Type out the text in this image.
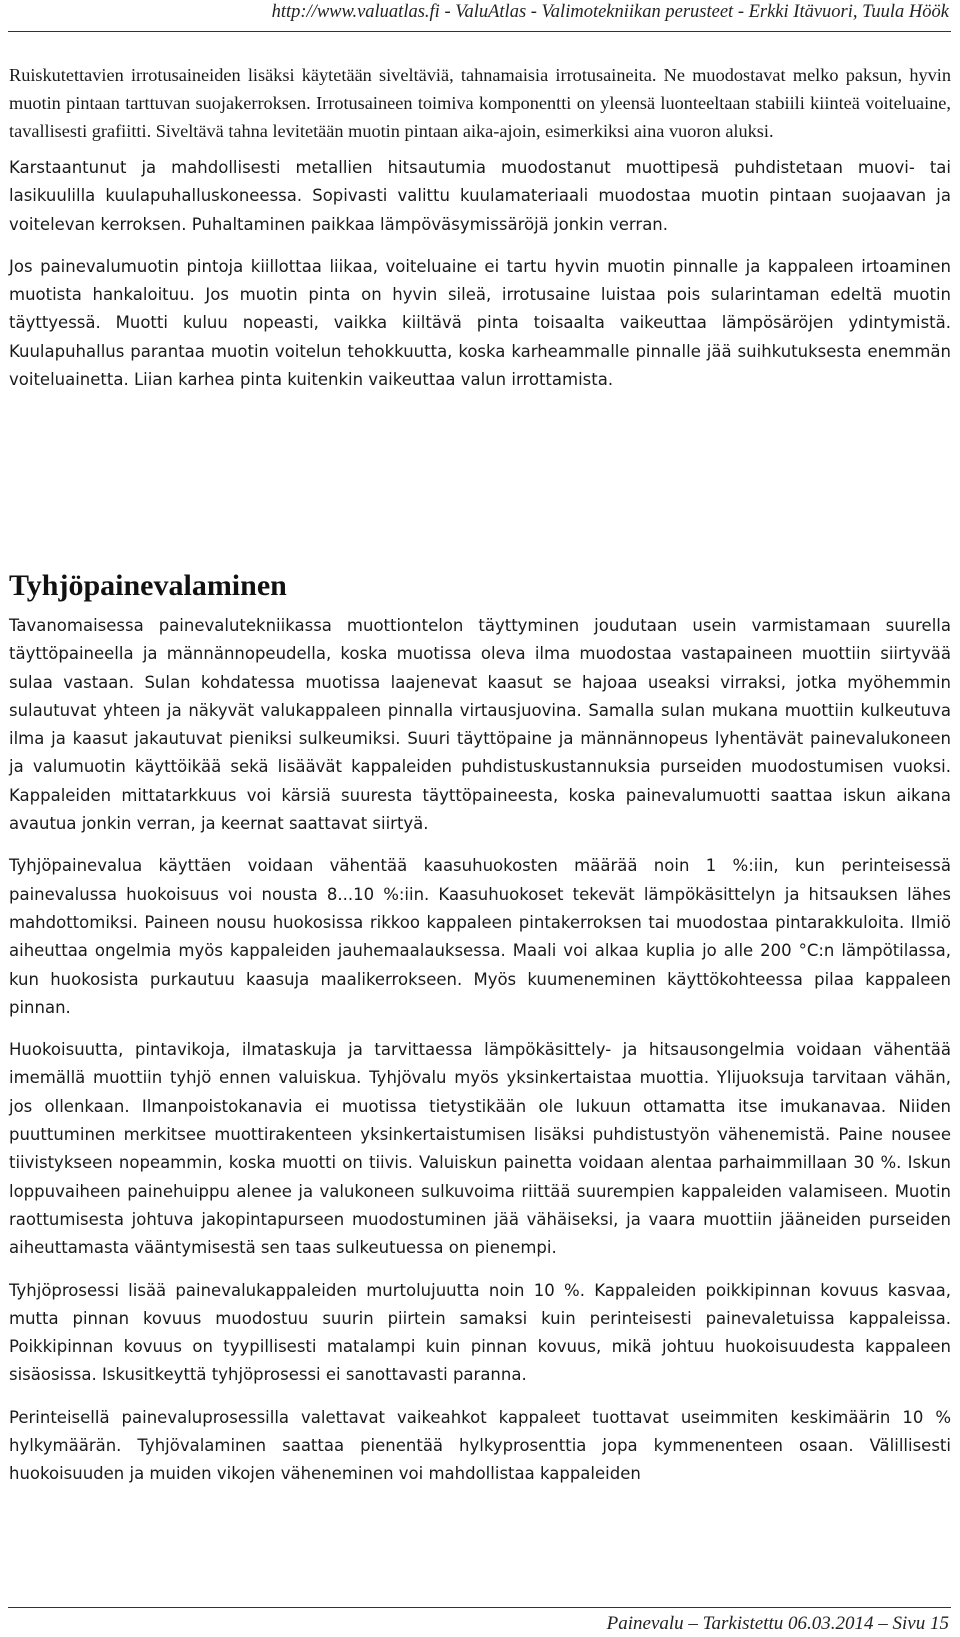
http://www.valuatlas.fi - ValuAtlas - Valimotekniikan perusteet - Erkki Itävuori, Tuula Höök

Ruiskutettavien irrotusaineiden lisäksi käytetään siveltäviä, tahnamaisia irrotusaineita. Ne muodostavat melko paksun, hyvin muotin pintaan tarttuvan suojakerroksen. Irrotusaineen toimiva komponentti on yleensä luonteeltaan stabiili kiinteä voiteluaine, tavallisesti grafiitti. Siveltävä tahna levitetään muotin pintaan aika-ajoin, esimerkiksi aina vuoron aluksi.

Karstaantunut ja mahdollisesti metallien hitsautumia muodostanut muottipesä puhdistetaan muovi- tai lasikuulilla kuulapuhalluskoneessa. Sopivasti valittu kuulamateriaali muodostaa muotin pintaan suojaavan ja voitelevan kerroksen. Puhaltaminen paikkaa lämpöväsymissäröjä jonkin verran.

Jos painevalumuotin pintoja kiillottaa liikaa, voiteluaine ei tartu hyvin muotin pinnalle ja kappaleen irtoaminen muotista hankaloituu. Jos muotin pinta on hyvin sileä, irrotusaine luistaa pois sularintaman edeltä muotin täyttyessä. Muotti kuluu nopeasti, vaikka kiiltävä pinta toisaalta vaikeuttaa lämpösäröjen ydintymistä. Kuulapuhallus parantaa muotin voitelun tehokkuutta, koska karheammalle pinnalle jää suihkutuksesta enemmän voiteluainetta. Liian karhea pinta kuitenkin vaikeuttaa valun irrottamista.

Tyhjöpainevalaminen

Tavanomaisessa painevalutekniikassa muottiontelon täyttyminen joudutaan usein varmistamaan suurella täyttöpaineella ja männännopeudella, koska muotissa oleva ilma muodostaa vastapaineen muottiin siirtyvää sulaa vastaan. Sulan kohdatessa muotissa laajenevat kaasut se hajoaa useaksi virraksi, jotka myöhemmin sulautuvat yhteen ja näkyvät valukappaleen pinnalla virtausjuovina. Samalla sulan mukana muottiin kulkeutuva ilma ja kaasut jakautuvat pieniksi sulkeumiksi. Suuri täyttöpaine ja männännopeus lyhentävät painevalukoneen ja valumuotin käyttöikää sekä lisäävät kappaleiden puhdistuskustannuksia purseiden muodostumisen vuoksi. Kappaleiden mittatarkkuus voi kärsiä suuresta täyttöpaineesta, koska painevalumuotti saattaa iskun aikana avautua jonkin verran, ja keernat saattavat siirtyä.

Tyhjöpainevalua käyttäen voidaan vähentää kaasuhuokosten määrää noin 1 %:iin, kun perinteisessä painevalussa huokoisuus voi nousta 8...10 %:iin. Kaasuhuokoset tekevät lämpökäsittelyn ja hitsauksen lähes mahdottomiksi. Paineen nousu huokosissa rikkoo kappaleen pintakerroksen tai muodostaa pintarakkuloita. Ilmiö aiheuttaa ongelmia myös kappaleiden jauhemaalauksessa. Maali voi alkaa kuplia jo alle 200 °C:n lämpötilassa, kun huokosista purkautuu kaasuja maalikerrokseen. Myös kuumeneminen käyttökohteessa pilaa kappaleen pinnan.

Huokoisuutta, pintavikoja, ilmataskuja ja tarvittaessa lämpökäsittely- ja hitsausongelmia voidaan vähentää imemällä muottiin tyhjö ennen valuiskua. Tyhjövalu myös yksinkertaistaa muottia. Ylijuoksuja tarvitaan vähän, jos ollenkaan. Ilmanpoistokanavia ei muotissa tietystikään ole lukuun ottamatta itse imukanavaa. Niiden puuttuminen merkitsee muottirakenteen yksinkertaistumisen lisäksi puhdistustyön vähenemistä. Paine nousee tiivistykseen nopeammin, koska muotti on tiivis. Valuiskun painetta voidaan alentaa parhaimmillaan 30 %. Iskun loppuvaiheen painehuippu alenee ja valukoneen sulkuvoima riittää suurempien kappaleiden valamiseen. Muotin raottumisesta johtuva jakopintapurseen muodostuminen jää vähäiseksi, ja vaara muottiin jääneiden purseiden aiheuttamasta vääntymisestä sen taas sulkeutuessa on pienempi.

Tyhjöprosessi lisää painevalukappaleiden murtolujuutta noin 10 %. Kappaleiden poikkipinnan kovuus kasvaa, mutta pinnan kovuus muodostuu suurin piirtein samaksi kuin perinteisesti painevaletuissa kappaleissa. Poikkipinnan kovuus on tyypillisesti matalampi kuin pinnan kovuus, mikä johtuu huokoisuudesta kappaleen sisäosissa. Iskusitkeyttä tyhjöprosessi ei sanottavasti paranna.

Perinteisellä painevaluprosessilla valettavat vaikeahkot kappaleet tuottavat useimmiten keskimäärin 10 % hylkymäärän. Tyhjövalaminen saattaa pienentää hylkyprosenttia jopa kymmenenteen osaan. Välillisesti huokoisuuden ja muiden vikojen väheneminen voi mahdollistaa kappaleiden

Painevalu – Tarkistettu 06.03.2014 – Sivu 15
